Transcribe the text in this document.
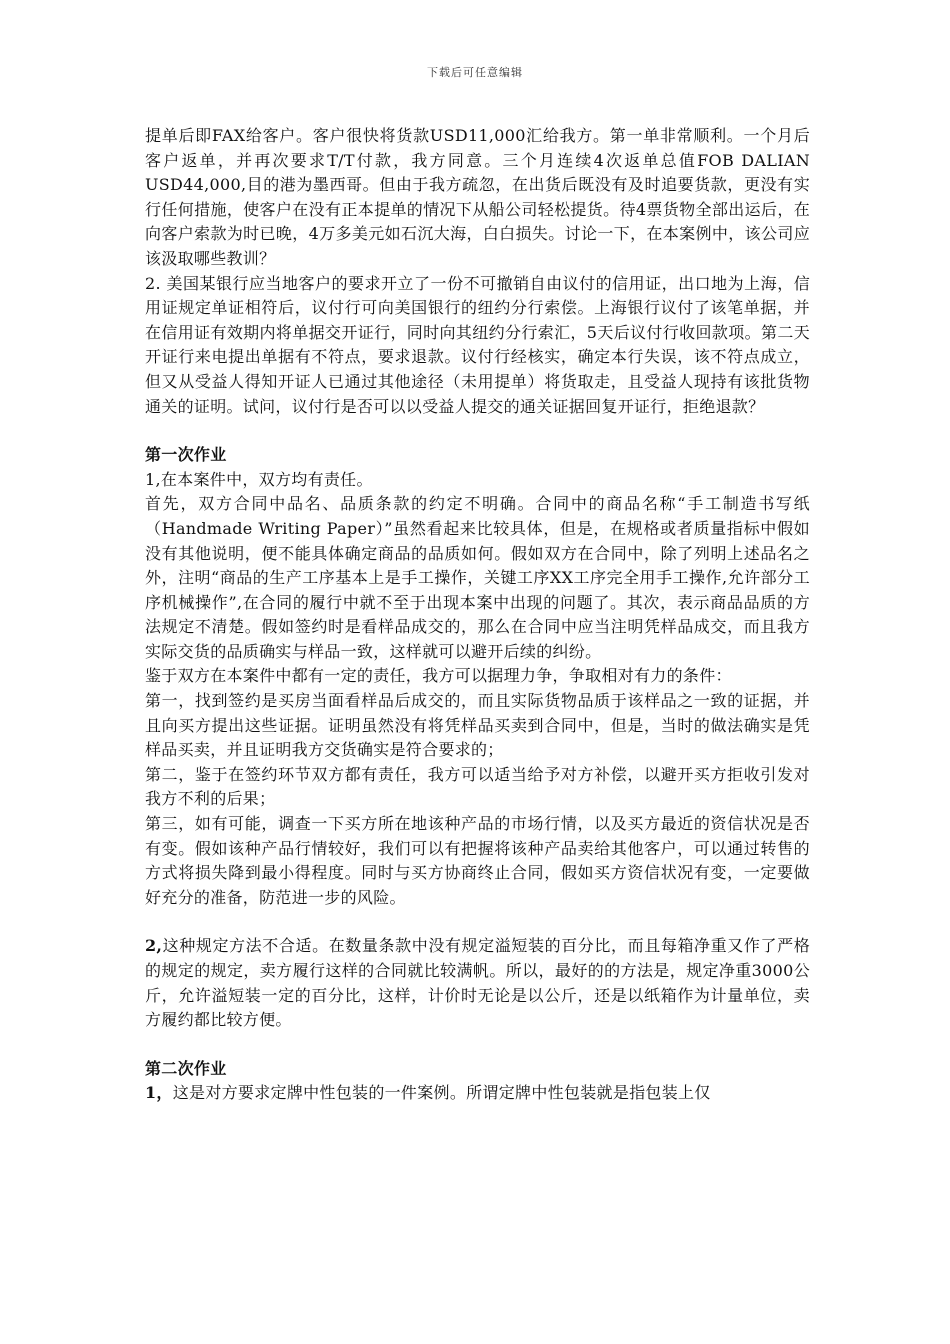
下载后可任意编辑

提单后即FAX给客户。客户很快将货款USD11,000汇给我方。第一单非常顺利。一个月后客户返单，并再次要求T/T付款，我方同意。三个月连续4次返单总值FOB DALIAN USD44,000,目的港为墨西哥。但由于我方疏忽，在出货后既没有及时追要货款，更没有实行任何措施，使客户在没有正本提单的情况下从船公司轻松提货。待4票货物全部出运后，在向客户索款为时已晚，4万多美元如石沉大海，白白损失。讨论一下，在本案例中，该公司应该汲取哪些教训？

2. 美国某银行应当地客户的要求开立了一份不可撤销自由议付的信用证，出口地为上海，信用证规定单证相符后，议付行可向美国银行的纽约分行索偿。上海银行议付了该笔单据，并在信用证有效期内将单据交开证行，同时向其纽约分行索汇，5天后议付行收回款项。第二天开证行来电提出单据有不符点，要求退款。议付行经核实，确定本行失误，该不符点成立，但又从受益人得知开证人已通过其他途径（未用提单）将货取走，且受益人现持有该批货物通关的证明。试问，议付行是否可以以受益人提交的通关证据回复开证行，拒绝退款？

第一次作业

1,在本案件中，双方均有责任。

首先，双方合同中品名、品质条款的约定不明确。合同中的商品名称“手工制造书写纸（Handmade Writing Paper）”虽然看起来比较具体，但是，在规格或者质量指标中假如没有其他说明，便不能具体确定商品的品质如何。假如双方在合同中，除了列明上述品名之外，注明“商品的生产工序基本上是手工操作，关键工序XX工序完全用手工操作,允许部分工序机械操作”,在合同的履行中就不至于出现本案中出现的问题了。其次，表示商品品质的方法规定不清楚。假如签约时是看样品成交的，那么在合同中应当注明凭样品成交，而且我方实际交货的品质确实与样品一致，这样就可以避开后续的纠纷。

鉴于双方在本案件中都有一定的责任，我方可以据理力争，争取相对有力的条件：

第一，找到签约是买房当面看样品后成交的，而且实际货物品质于该样品之一致的证据，并且向买方提出这些证据。证明虽然没有将凭样品买卖到合同中，但是，当时的做法确实是凭样品买卖，并且证明我方交货确实是符合要求的；

第二，鉴于在签约环节双方都有责任，我方可以适当给予对方补偿，以避开买方拒收引发对我方不利的后果；

第三，如有可能，调查一下买方所在地该种产品的市场行情，以及买方最近的资信状况是否有变。假如该种产品行情较好，我们可以有把握将该种产品卖给其他客户，可以通过转售的方式将损失降到最小得程度。同时与买方协商终止合同，假如买方资信状况有变，一定要做好充分的准备，防范进一步的风险。

2,这种规定方法不合适。在数量条款中没有规定溢短装的百分比，而且每箱净重又作了严格的规定的规定，卖方履行这样的合同就比较满帆。所以，最好的的方法是，规定净重3000公斤，允许溢短装一定的百分比，这样，计价时无论是以公斤，还是以纸箱作为计量单位，卖方履约都比较方便。

第二次作业

1，这是对方要求定牌中性包装的一件案例。所谓定牌中性包装就是指包装上仅
